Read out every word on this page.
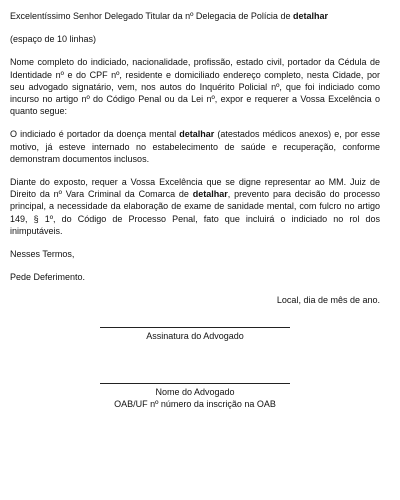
Excelentíssimo Senhor Delegado Titular da nº Delegacia de Polícia de detalhar

(espaço de 10 linhas)

Nome completo do indiciado, nacionalidade, profissão, estado civil, portador da Cédula de Identidade nº e do CPF nº, residente e domiciliado endereço completo, nesta Cidade, por seu advogado signatário, vem, nos autos do Inquérito Policial nº, que foi indiciado como incurso no artigo nº do Código Penal ou da Lei nº, expor e requerer a Vossa Excelência o quanto segue:

O indiciado é portador da doença mental detalhar (atestados médicos anexos) e, por esse motivo, já esteve internado no estabelecimento de saúde e recuperação, conforme demonstram documentos inclusos.

Diante do exposto, requer a Vossa Excelência que se digne representar ao MM. Juiz de Direito da nº Vara Criminal da Comarca de detalhar, prevento para decisão do processo principal, a necessidade da elaboração de exame de sanidade mental, com fulcro no artigo 149, § 1º, do Código de Processo Penal, fato que incluirá o indiciado no rol dos inimputáveis.

Nesses Termos,

Pede Deferimento.

Local, dia de mês de ano.

Assinatura do Advogado

Nome do Advogado

OAB/UF nº número da inscrição na OAB
